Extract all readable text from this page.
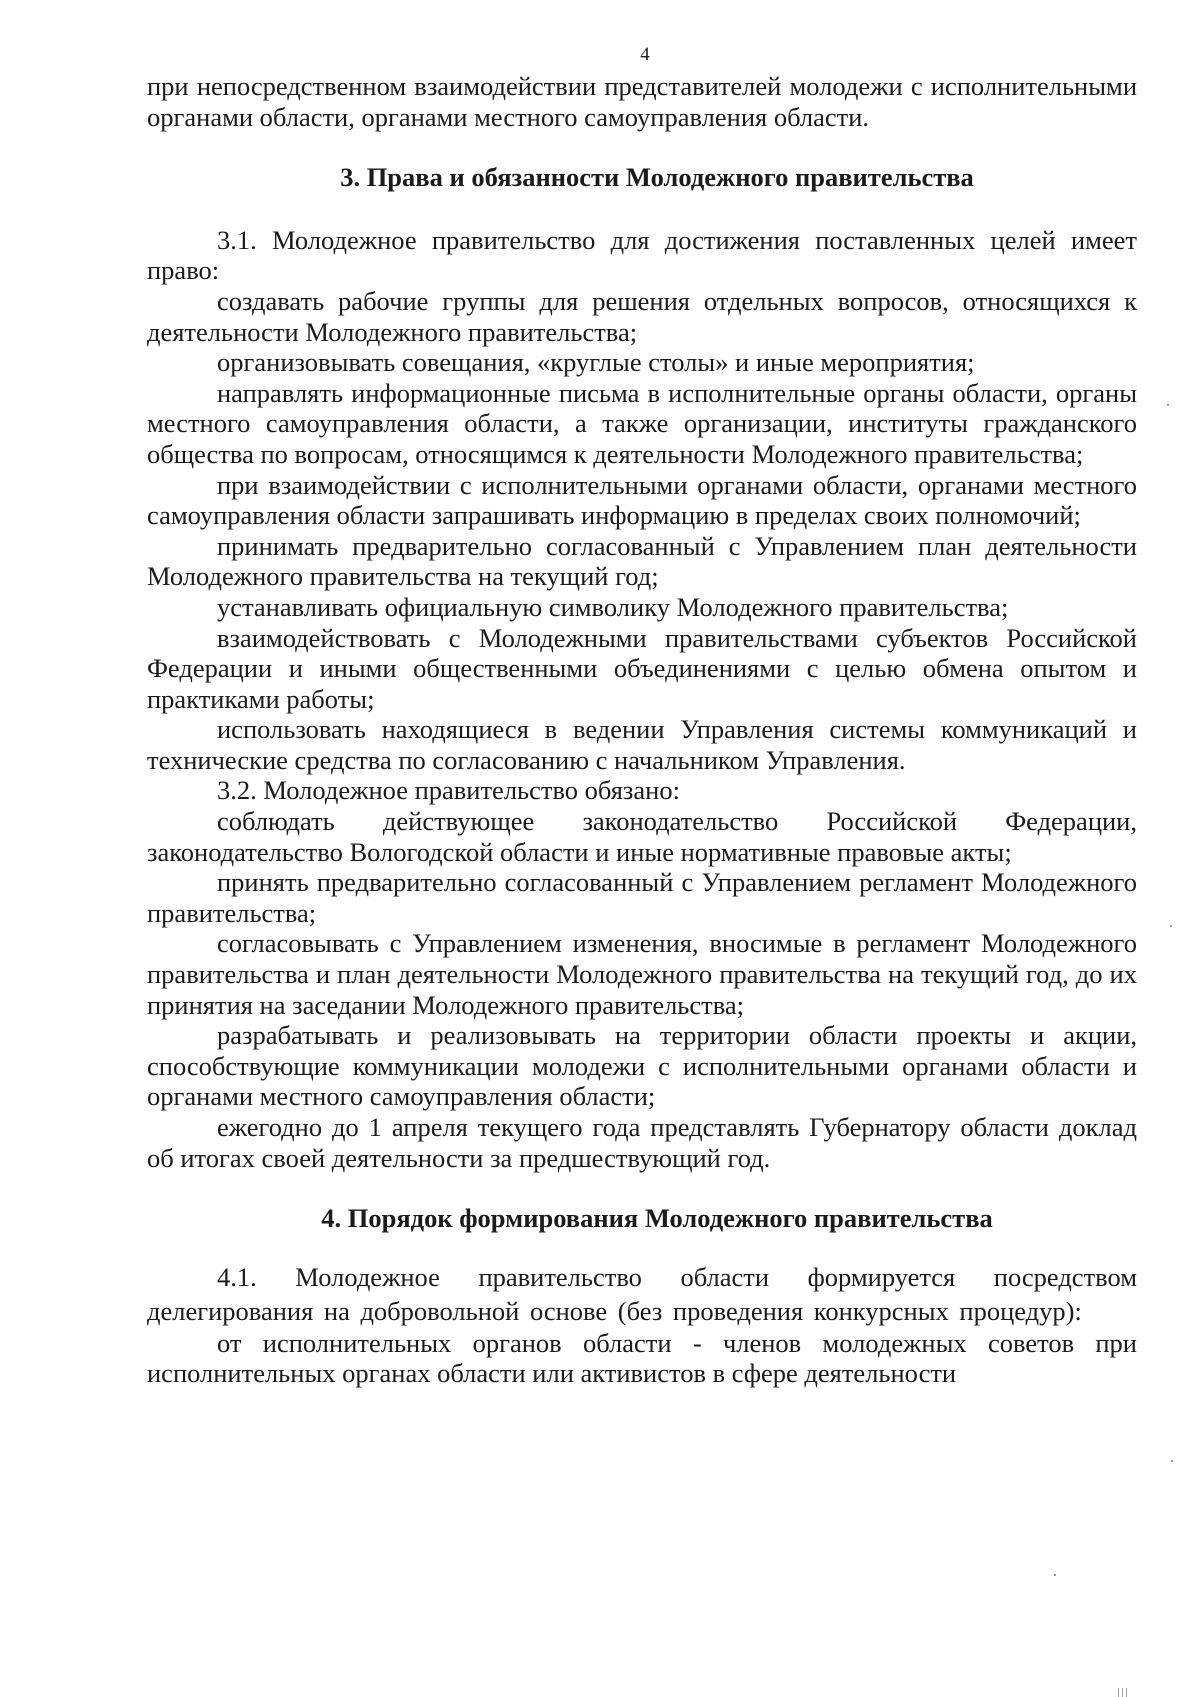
4

при непосредственном взаимодействии представителей молодежи с исполнительными органами области, органами местного самоуправления области.

3. Права и обязанности Молодежного правительства

3.1. Молодежное правительство для достижения поставленных целей имеет право:

создавать рабочие группы для решения отдельных вопросов, относящихся к деятельности Молодежного правительства;

организовывать совещания, «круглые столы» и иные мероприятия;

направлять информационные письма в исполнительные органы области, органы местного самоуправления области, а также организации, институты гражданского общества по вопросам, относящимся к деятельности Молодежного правительства;

при взаимодействии с исполнительными органами области, органами местного самоуправления области запрашивать информацию в пределах своих полномочий;

принимать предварительно согласованный с Управлением план деятельности Молодежного правительства на текущий год;

устанавливать официальную символику Молодежного правительства;

взаимодействовать с Молодежными правительствами субъектов Российской Федерации и иными общественными объединениями с целью обмена опытом и практиками работы;

использовать находящиеся в ведении Управления системы коммуникаций и технические средства по согласованию с начальником Управления.

3.2. Молодежное правительство обязано:

соблюдать действующее законодательство Российской Федерации, законодательство Вологодской области и иные нормативные правовые акты;

принять предварительно согласованный с Управлением регламент Молодежного правительства;

согласовывать с Управлением изменения, вносимые в регламент Молодежного правительства и план деятельности Молодежного правительства на текущий год, до их принятия на заседании Молодежного правительства;

разрабатывать и реализовывать на территории области проекты и акции, способствующие коммуникации молодежи с исполнительными органами области и органами местного самоуправления области;

ежегодно до 1 апреля текущего года представлять Губернатору области доклад об итогах своей деятельности за предшествующий год.

4. Порядок формирования Молодежного правительства

4.1. Молодежное правительство области формируется посредством делегирования на добровольной основе (без проведения конкурсных процедур):

от исполнительных органов области - членов молодежных советов при исполнительных органах области или активистов в сфере деятельности
